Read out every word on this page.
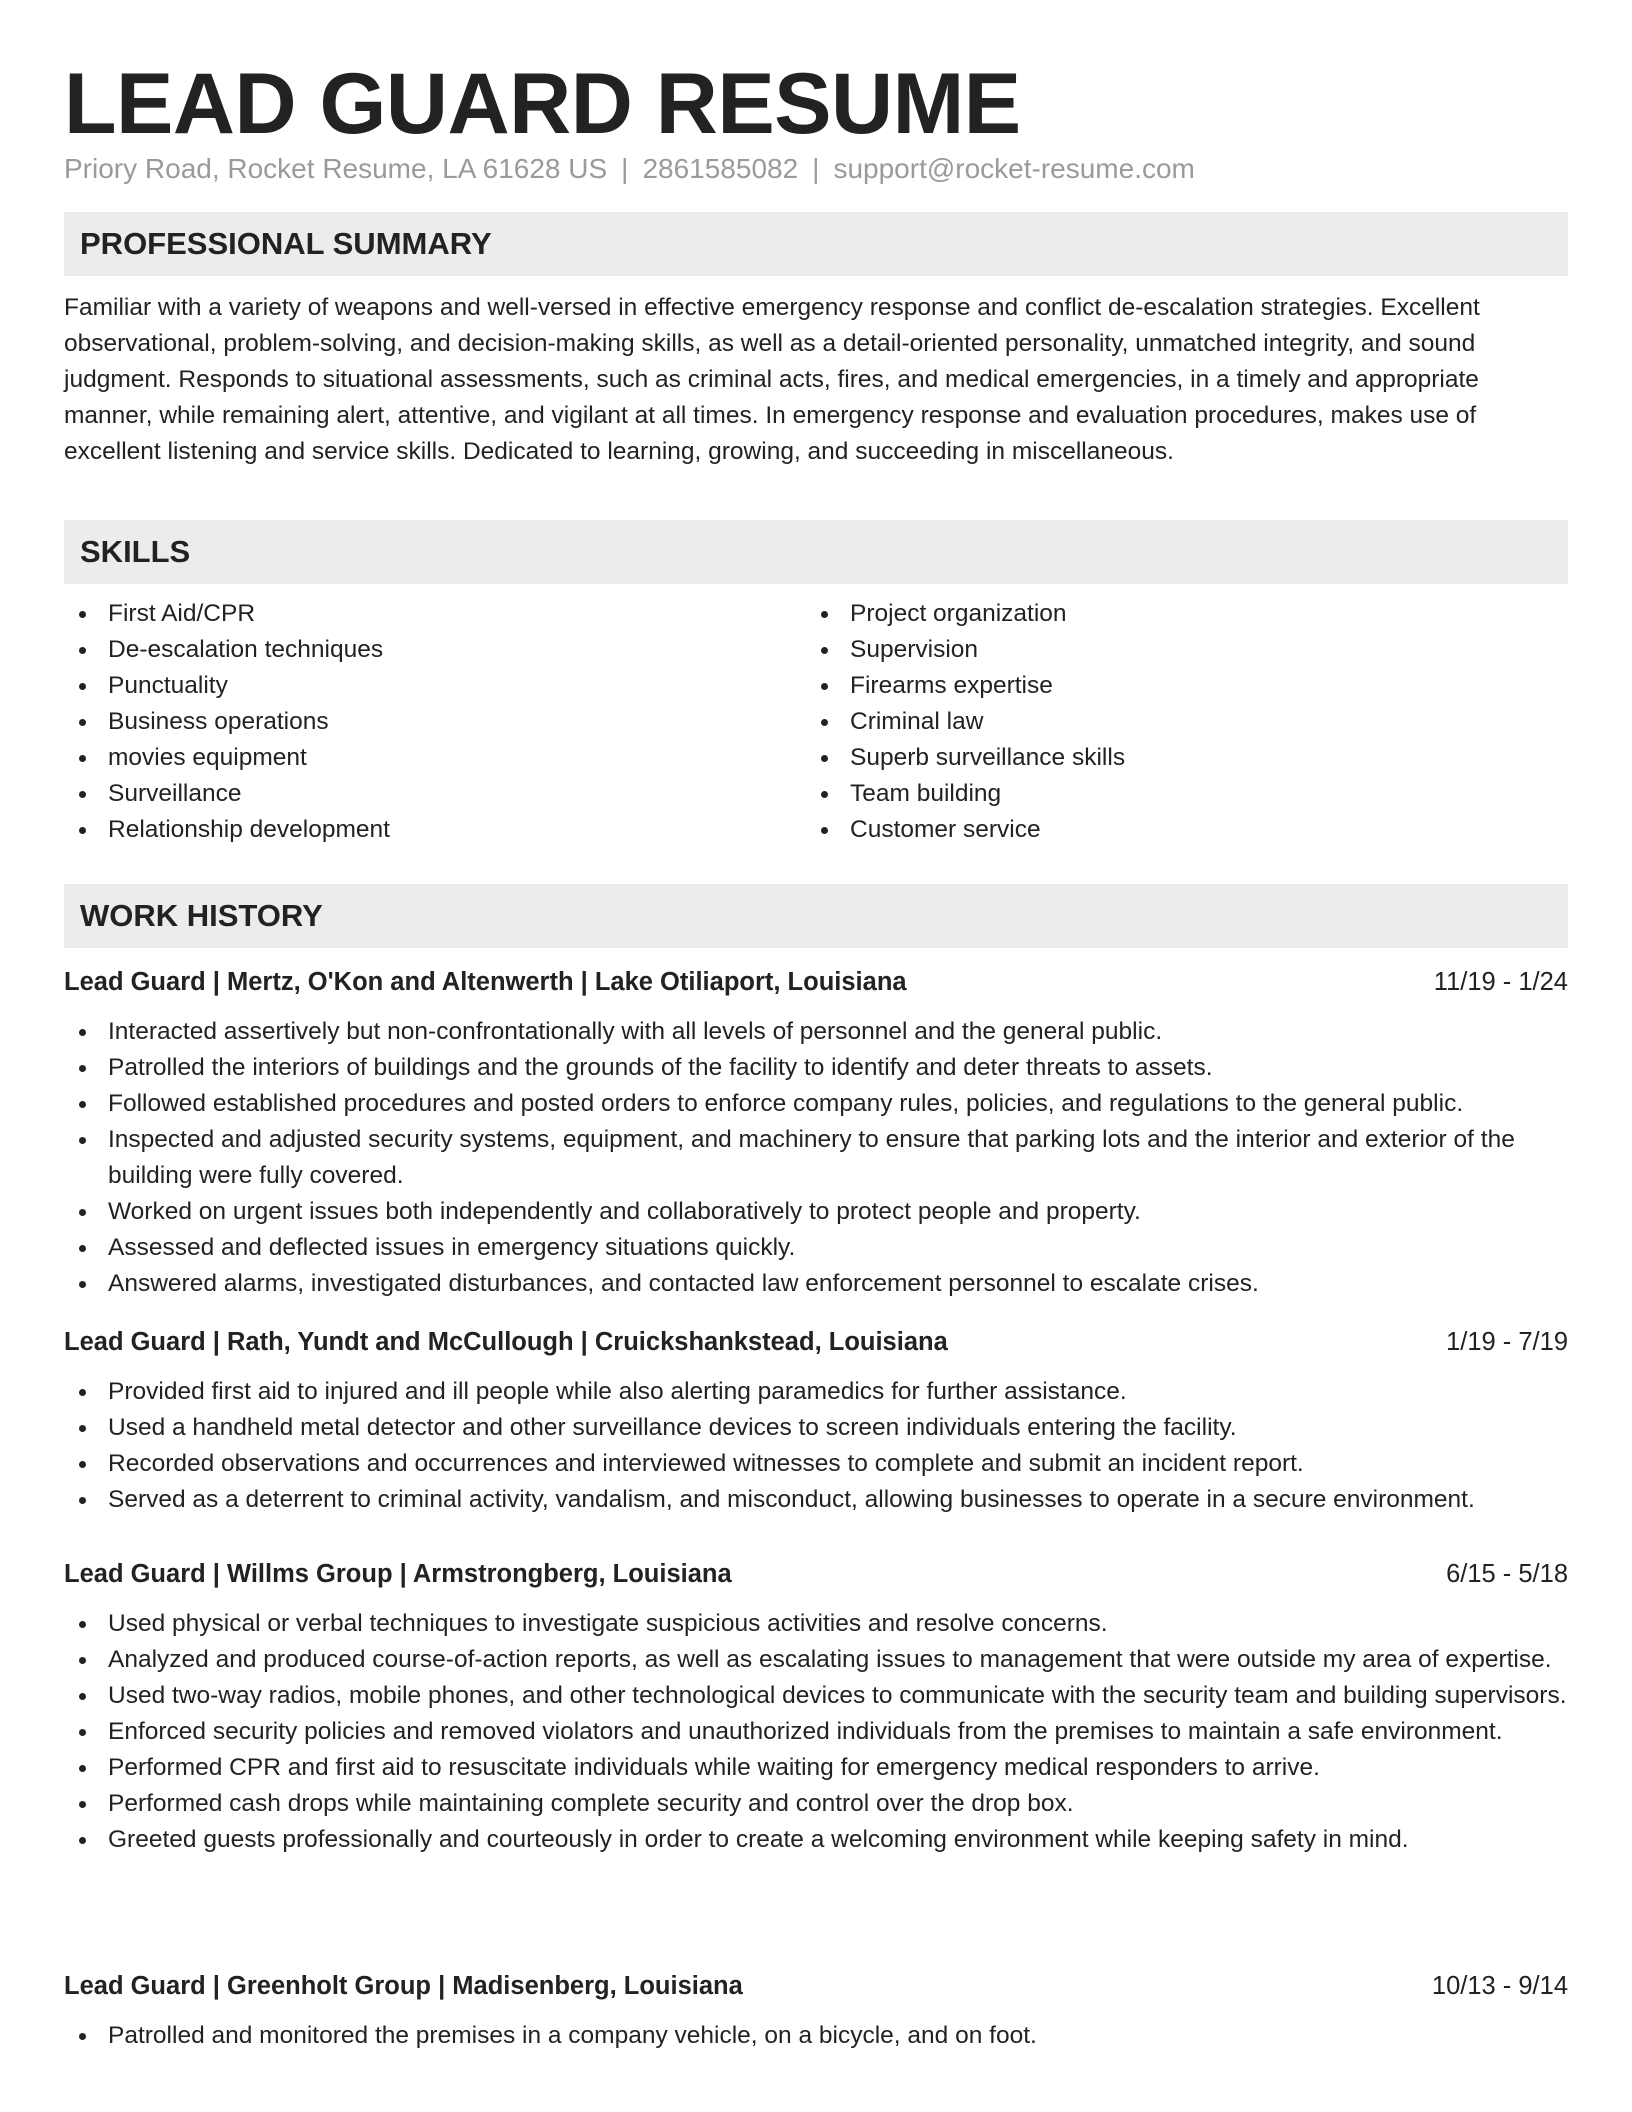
LEAD GUARD RESUME
Priory Road, Rocket Resume, LA 61628 US | 2861585082 | support@rocket-resume.com
PROFESSIONAL SUMMARY

Familiar with a variety of weapons and well-versed in effective emergency response and conflict de-escalation strategies. Excellent observational, problem-solving, and decision-making skills, as well as a detail-oriented personality, unmatched integrity, and sound judgment. Responds to situational assessments, such as criminal acts, fires, and medical emergencies, in a timely and appropriate manner, while remaining alert, attentive, and vigilant at all times. In emergency response and evaluation procedures, makes use of excellent listening and service skills. Dedicated to learning, growing, and succeeding in miscellaneous.

SKILLS
First Aid/CPR
De-escalation techniques
Punctuality
Business operations
movies equipment
Surveillance
Relationship development
Project organization
Supervision
Firearms expertise
Criminal law
Superb surveillance skills
Team building
Customer service
WORK HISTORY
Lead Guard | Mertz, O'Kon and Altenwerth | Lake Otiliaport, Louisiana	11/19 - 1/24
Interacted assertively but non-confrontationally with all levels of personnel and the general public.
Patrolled the interiors of buildings and the grounds of the facility to identify and deter threats to assets.
Followed established procedures and posted orders to enforce company rules, policies, and regulations to the general public.
Inspected and adjusted security systems, equipment, and machinery to ensure that parking lots and the interior and exterior of the building were fully covered.
Worked on urgent issues both independently and collaboratively to protect people and property.
Assessed and deflected issues in emergency situations quickly.
Answered alarms, investigated disturbances, and contacted law enforcement personnel to escalate crises.
Lead Guard | Rath, Yundt and McCullough | Cruickshankstead, Louisiana	1/19 - 7/19
Provided first aid to injured and ill people while also alerting paramedics for further assistance.
Used a handheld metal detector and other surveillance devices to screen individuals entering the facility.
Recorded observations and occurrences and interviewed witnesses to complete and submit an incident report.
Served as a deterrent to criminal activity, vandalism, and misconduct, allowing businesses to operate in a secure environment.
Lead Guard | Willms Group | Armstrongberg, Louisiana	6/15 - 5/18
Used physical or verbal techniques to investigate suspicious activities and resolve concerns.
Analyzed and produced course-of-action reports, as well as escalating issues to management that were outside my area of expertise.
Used two-way radios, mobile phones, and other technological devices to communicate with the security team and building supervisors.
Enforced security policies and removed violators and unauthorized individuals from the premises to maintain a safe environment.
Performed CPR and first aid to resuscitate individuals while waiting for emergency medical responders to arrive.
Performed cash drops while maintaining complete security and control over the drop box.
Greeted guests professionally and courteously in order to create a welcoming environment while keeping safety in mind.
Lead Guard | Greenholt Group | Madisenberg, Louisiana	10/13 - 9/14
Patrolled and monitored the premises in a company vehicle, on a bicycle, and on foot.
